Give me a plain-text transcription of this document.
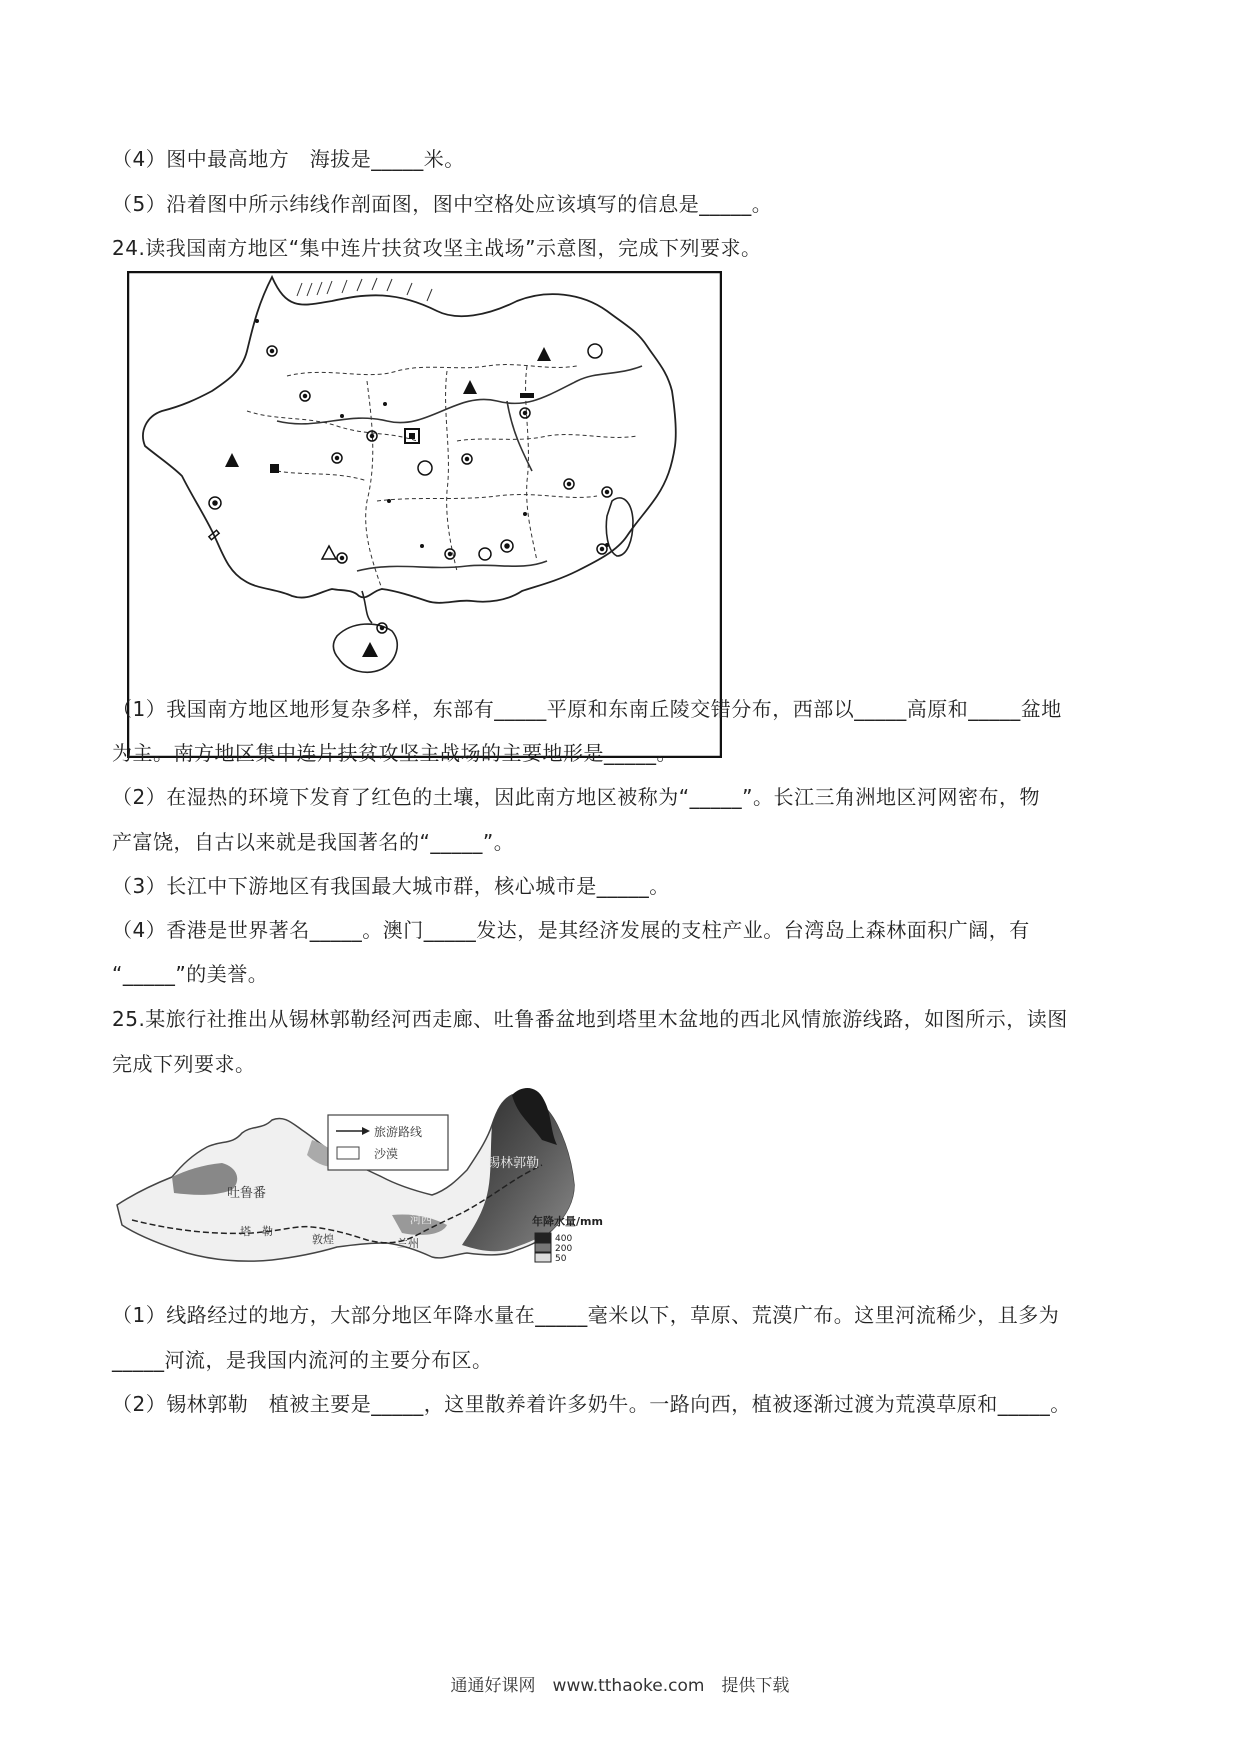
（4）图中最高地方　海拔是_____米。
（5）沿着图中所示纬线作剖面图，图中空格处应该填写的信息是_____。
24.读我国南方地区“集中连片扶贫攻坚主战场”示意图，完成下列要求。
（1）我国南方地区地形复杂多样，东部有_____平原和东南丘陵交错分布，西部以_____高原和_____盆地
为主。南方地区集中连片扶贫攻坚主战场的主要地形是_____。
（2）在湿热的环境下发育了红色的土壤，因此南方地区被称为“_____”。长江三角洲地区河网密布，物
产富饶，自古以来就是我国著名的“_____”。
（3）长江中下游地区有我国最大城市群，核心城市是_____。
（4）香港是世界著名_____。澳门_____发达，是其经济发展的支柱产业。台湾岛上森林面积广阔，有
“_____”的美誉。
25.某旅行社推出从锡林郭勒经河西走廊、吐鲁番盆地到塔里木盆地的西北风情旅游线路，如图所示，读图
完成下列要求。
旅游路线
沙漠
吐鲁番
锡林郭勒
塔　勒
敦煌
河西
兰州
年降水量/mm
400
200
50
（1）线路经过的地方，大部分地区年降水量在_____毫米以下，草原、荒漠广布。这里河流稀少，且多为
_____河流，是我国内流河的主要分布区。
（2）锡林郭勒　植被主要是_____，这里散养着许多奶牛。一路向西，植被逐渐过渡为荒漠草原和_____。
通通好课网　www.tthaoke.com　提供下载
